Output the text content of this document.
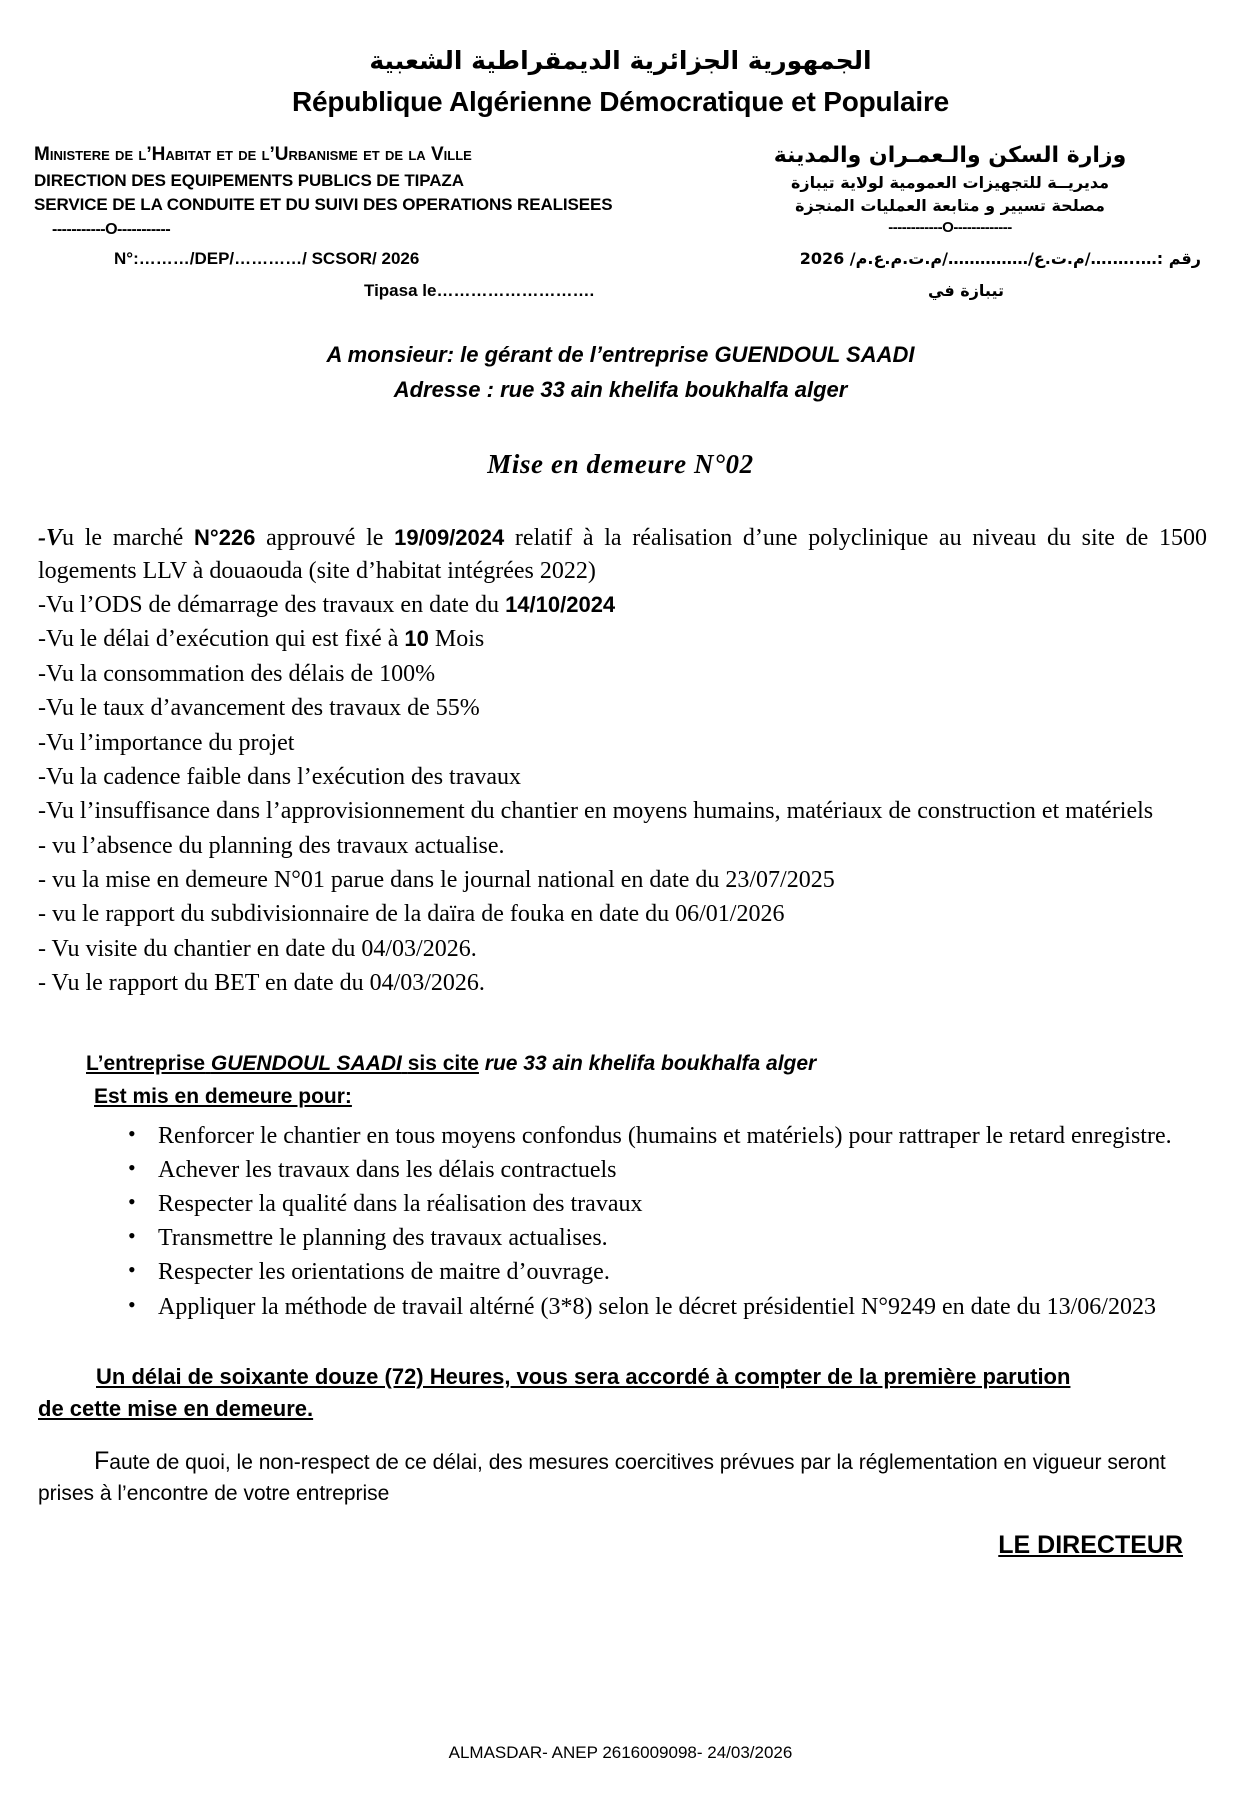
الجمهورية الجزائرية الديمقراطية الشعبية
République Algérienne Démocratique et Populaire
Ministere de l’Habitat et de l’Urbanisme et de la Ville
DIRECTION DES EQUIPEMENTS PUBLICS DE TIPAZA
SERVICE DE LA CONDUITE ET DU SUIVI DES OPERATIONS REALISEES
-----------O-----------
وزارة السكن والـعمـران والمدينة
مديريــة للتجهيزات العمومية لولاية تيبازة
مصلحة تسيير و متابعة العمليات المنجزة
-------------O------------
N°:………/DEP/…………/ SCSOR/ 2026	رقم :…..….…/م.ت.ع/……………/م.ت.م.ع.م/ 2026
Tipasa le……………………….	تيبازة في
A monsieur: le gérant de l’entreprise GUENDOUL SAADI
Adresse : rue 33 ain khelifa boukhalfa alger
Mise en demeure N°02

-Vu le marché N°226 approuvé le 19/09/2024 relatif à la réalisation d’une polyclinique au niveau du site de 1500 logements LLV à douaouda (site d’habitat intégrées 2022)

-Vu l’ODS de démarrage des travaux en date du 14/10/2024

-Vu le délai d’exécution qui est fixé à 10 Mois

-Vu la consommation des délais de 100%

-Vu le taux d’avancement des travaux de 55%

-Vu l’importance du projet

-Vu la cadence faible dans l’exécution des travaux

-Vu l’insuffisance dans l’approvisionnement du chantier en moyens humains, matériaux de construction et matériels

- vu l’absence du planning des travaux actualise.

- vu la mise en demeure N°01 parue dans le journal national en date du 23/07/2025

- vu le rapport du subdivisionnaire de la daïra de fouka en date du 06/01/2026

- Vu visite du chantier en date du 04/03/2026.

- Vu le rapport du BET en date du 04/03/2026.

L’entreprise GUENDOUL SAADI sis cite rue 33 ain khelifa boukhalfa alger
Est mis en demeure pour:
• Renforcer le chantier en tous moyens confondus (humains et matériels) pour rattraper le retard enregistre.
• Achever les travaux dans les délais contractuels
• Respecter la qualité dans la réalisation des travaux
• Transmettre le planning des travaux actualises.
• Respecter les orientations de maitre d’ouvrage.
• Appliquer la méthode de travail altérné (3*8) selon le décret présidentiel N°9249 en date du 13/06/2023
Un délai de soixante douze (72) Heures, vous sera accordé à compter de la première parution
de cette mise en demeure.
Faute de quoi, le non-respect de ce délai, des mesures coercitives prévues par la réglementation en vigueur seront prises à l’encontre de votre entreprise
LE DIRECTEUR
ALMASDAR- ANEP 2616009098- 24/03/2026
